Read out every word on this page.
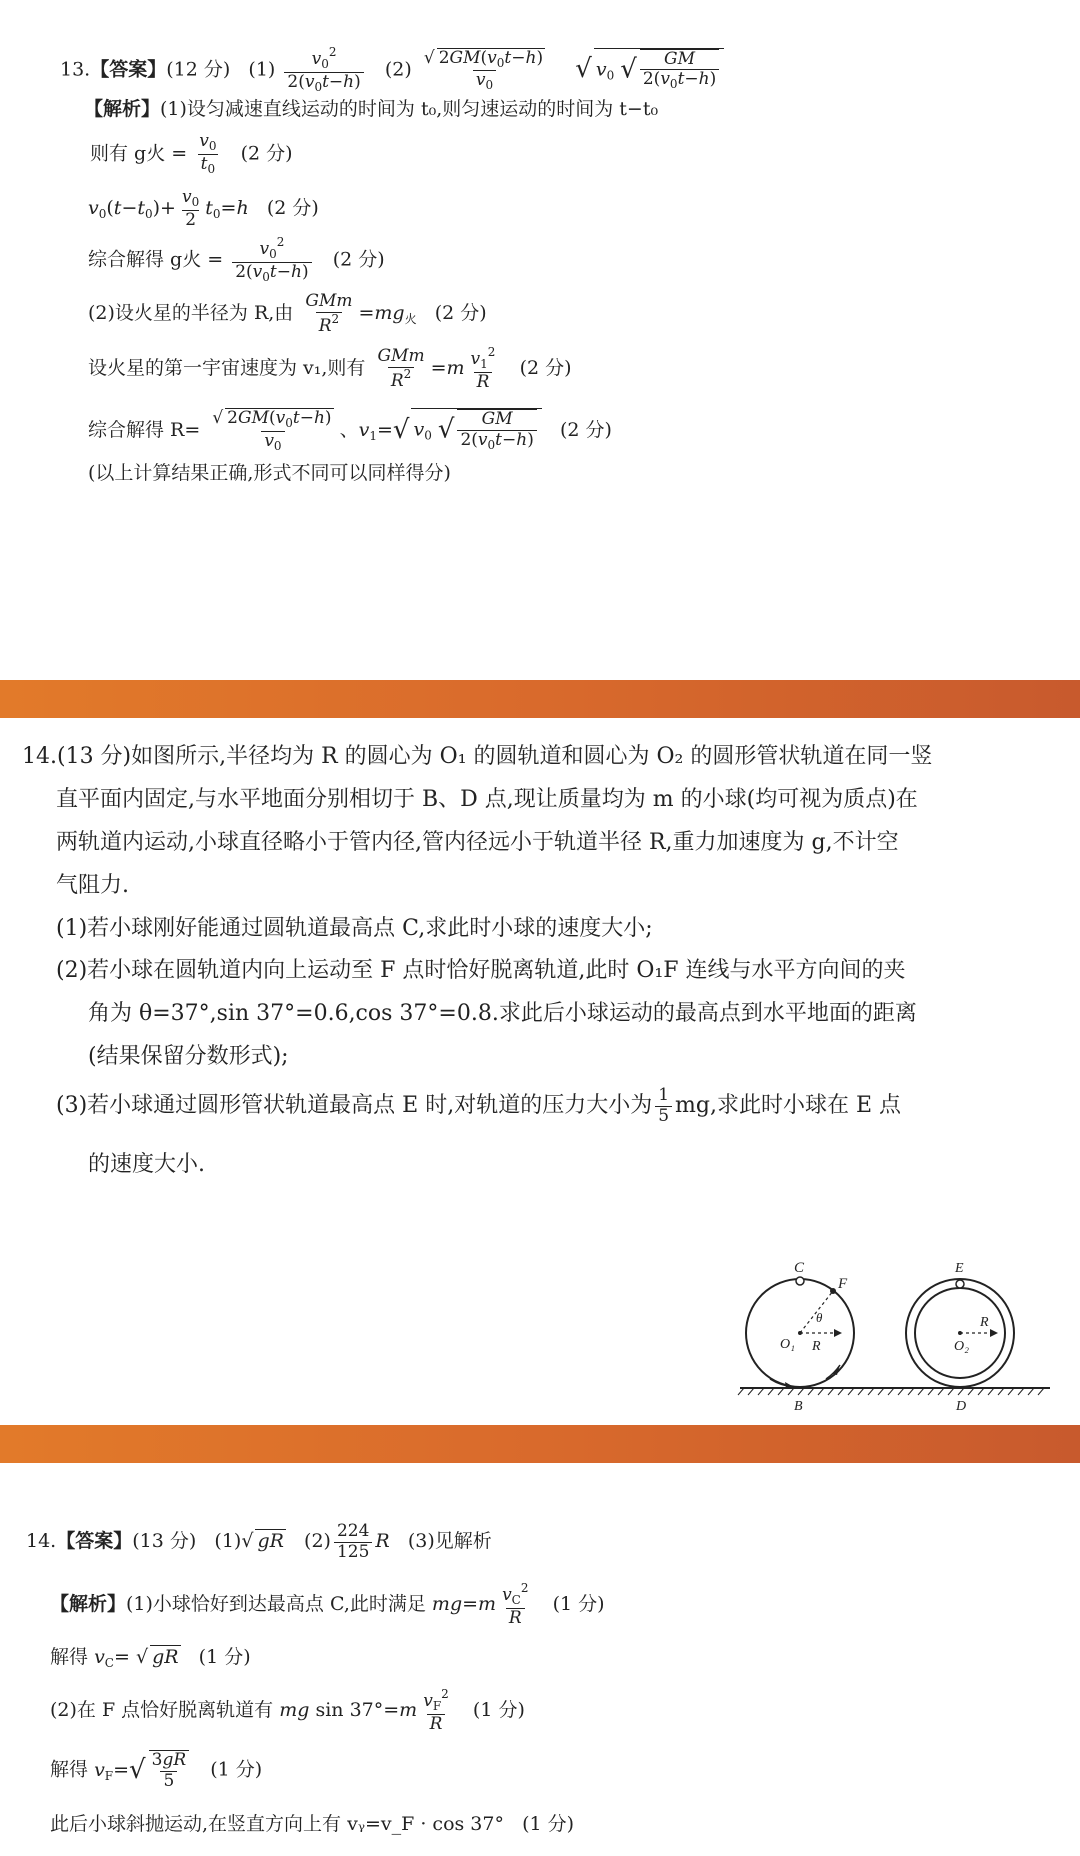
13.【答案】(12 分) $(1) \frac{v_0^2}{2(v_0t-h)} (2) \frac{√ 2GM(v_0t-h)}{v_0}$ √ $v_0$ √ $\frac{GM}{2(v_0t-h)}$
【解析】(1)设匀减速直线运动的时间为 t₀,则匀速运动的时间为 t−t₀
则有 g火 = $\frac{v_0}{t_0} (2$ 分)
$v_0(t-t_0)+ \frac{v_0}{2} t_0=h$ (2 分)
综合解得 g火 = $\frac{v_0^2}{2(v_0t-h)} (2$ 分)
(2)设火星的半径为 R,由 $\frac{\text{GMm}}{R^2} =mg_火$ (2 分)
设火星的第一宇宙速度为 v₁,则有 $\frac{\text{GMm}}{R^2} =m \frac{v_1^2}{R} (2$ 分)
综合解得 $R= \frac{√ 2GM(v_0t-h)}{v_0}$ 、$v_1=√$ $v_0$ √ $\frac{GM}{2(v_0t-h)} (2$ 分)
(以上计算结果正确,形式不同可以同样得分)
14.(13 分)如图所示,半径均为 R 的圆心为 O₁ 的圆轨道和圆心为 O₂ 的圆形管状轨道在同一竖
直平面内固定,与水平地面分别相切于 B、D 点,现让质量均为 m 的小球(均可视为质点)在
两轨道内运动,小球直径略小于管内径,管内径远小于轨道半径 R,重力加速度为 g,不计空
气阻力.
(1)若小球刚好能通过圆轨道最高点 C,求此时小球的速度大小;
(2)若小球在圆轨道内向上运动至 F 点时恰好脱离轨道,此时 O₁F 连线与水平方向间的夹
角为 θ=37°,sin 37°=0.6,cos 37°=0.8.求此后小球运动的最高点到水平地面的距离
(结果保留分数形式);
(3)若小球通过圆形管状轨道最高点 E 时,对轨道的压力大小为 $\frac{1}{5}$ mg,求此时小球在 E 点
的速度大小.
C
F
θ
O₁ R
E
O₂
R
B	D
14.【答案】(13 分) (1)√ gR $(2) \frac{224}{125}$ R (3)见解析
【解析】(1)小球恰好到达最高点 C,此时满足 $mg=m \frac{v_C^2}{R} (1$ 分)
解得 $v_C=$ √ gR (1 分)
(2)在 F 点恰好脱离轨道有 mg $\sin 37^\circ=m \frac{v_F^2}{R} (1$ 分)
解得 $v_F=√ \frac{3gR}{5} (1$ 分)
此后小球斜抛运动,在竖直方向上有 vᵧ=v_F · cos 37° (1 分)
